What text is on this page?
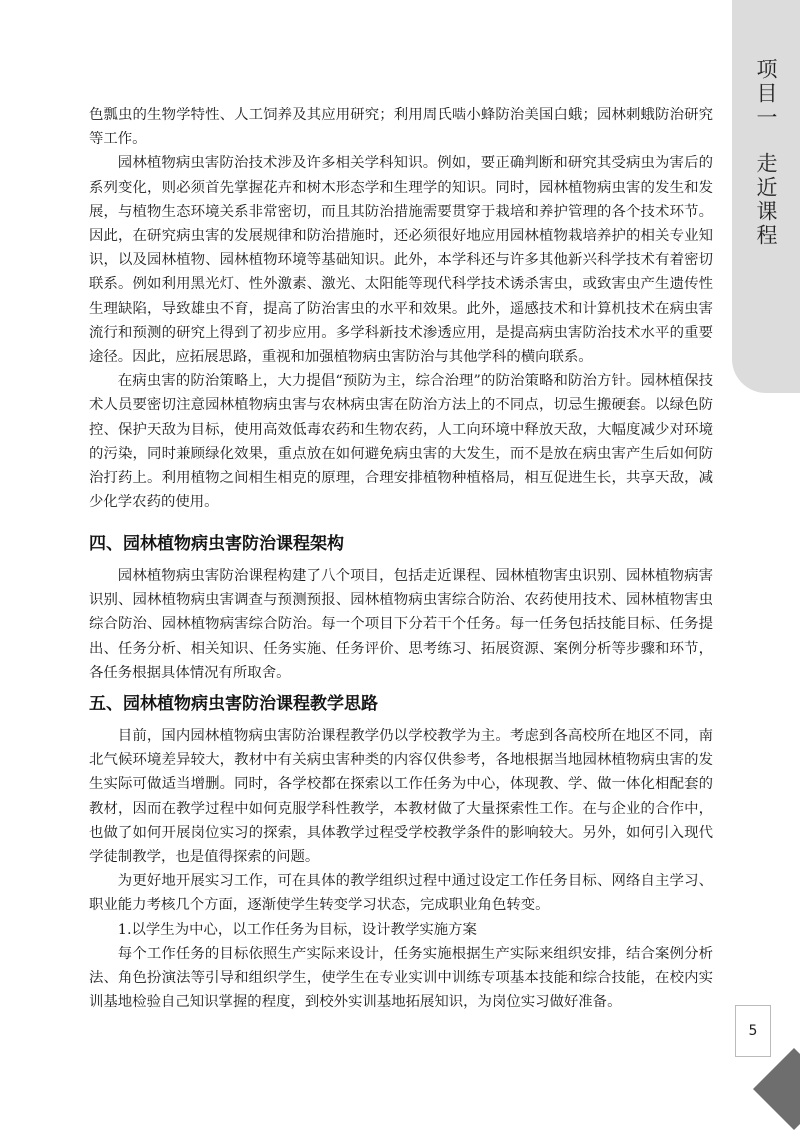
项目一走近课程

色瓢虫的生物学特性、人工饲养及其应用研究；利用周氏啮小蜂防治美国白蛾；园林刺蛾防治研究等工作。

园林植物病虫害防治技术涉及许多相关学科知识。例如，要正确判断和研究其受病虫为害后的系列变化，则必须首先掌握花卉和树木形态学和生理学的知识。同时，园林植物病虫害的发生和发展，与植物生态环境关系非常密切，而且其防治措施需要贯穿于栽培和养护管理的各个技术环节。因此，在研究病虫害的发展规律和防治措施时，还必须很好地应用园林植物栽培养护的相关专业知识，以及园林植物、园林植物环境等基础知识。此外，本学科还与许多其他新兴科学技术有着密切联系。例如利用黑光灯、性外激素、激光、太阳能等现代科学技术诱杀害虫，或致害虫产生遗传性生理缺陷，导致雄虫不育，提高了防治害虫的水平和效果。此外，遥感技术和计算机技术在病虫害流行和预测的研究上得到了初步应用。多学科新技术渗透应用，是提高病虫害防治技术水平的重要途径。因此，应拓展思路，重视和加强植物病虫害防治与其他学科的横向联系。

在病虫害的防治策略上，大力提倡“预防为主，综合治理”的防治策略和防治方针。园林植保技术人员要密切注意园林植物病虫害与农林病虫害在防治方法上的不同点，切忌生搬硬套。以绿色防控、保护天敌为目标，使用高效低毒农药和生物农药，人工向环境中释放天敌，大幅度减少对环境的污染，同时兼顾绿化效果，重点放在如何避免病虫害的大发生，而不是放在病虫害产生后如何防治打药上。利用植物之间相生相克的原理，合理安排植物种植格局，相互促进生长，共享天敌，减少化学农药的使用。

四、园林植物病虫害防治课程架构

园林植物病虫害防治课程构建了八个项目，包括走近课程、园林植物害虫识别、园林植物病害识别、园林植物病虫害调查与预测预报、园林植物病虫害综合防治、农药使用技术、园林植物害虫综合防治、园林植物病害综合防治。每一个项目下分若干个任务。每一任务包括技能目标、任务提出、任务分析、相关知识、任务实施、任务评价、思考练习、拓展资源、案例分析等步骤和环节，各任务根据具体情况有所取舍。

五、园林植物病虫害防治课程教学思路

目前，国内园林植物病虫害防治课程教学仍以学校教学为主。考虑到各高校所在地区不同，南北气候环境差异较大，教材中有关病虫害种类的内容仅供参考，各地根据当地园林植物病虫害的发生实际可做适当增删。同时，各学校都在探索以工作任务为中心，体现教、学、做一体化相配套的教材，因而在教学过程中如何克服学科性教学，本教材做了大量探索性工作。在与企业的合作中，也做了如何开展岗位实习的探索，具体教学过程受学校教学条件的影响较大。另外，如何引入现代学徒制教学，也是值得探索的问题。

为更好地开展实习工作，可在具体的教学组织过程中通过设定工作任务目标、网络自主学习、职业能力考核几个方面，逐渐使学生转变学习状态，完成职业角色转变。

1.以学生为中心，以工作任务为目标，设计教学实施方案

每个工作任务的目标依照生产实际来设计，任务实施根据生产实际来组织安排，结合案例分析法、角色扮演法等引导和组织学生，使学生在专业实训中训练专项基本技能和综合技能，在校内实训基地检验自己知识掌握的程度，到校外实训基地拓展知识，为岗位实习做好准备。

5
